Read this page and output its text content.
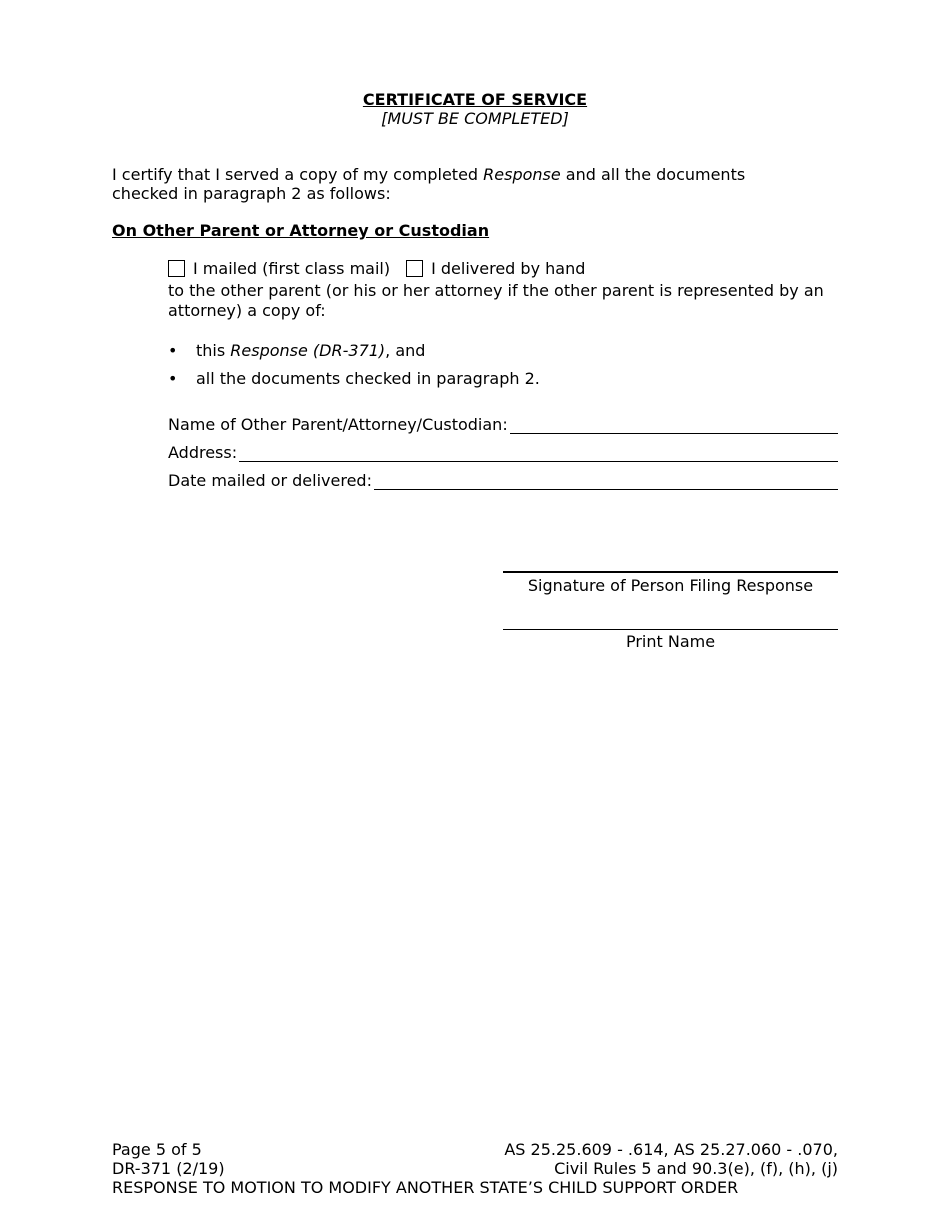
CERTIFICATE OF SERVICE
[MUST BE COMPLETED]
I certify that I served a copy of my completed Response and all the documents checked in paragraph 2 as follows:
On Other Parent or Attorney or Custodian
I mailed (first class mail)	I delivered by hand
to the other parent (or his or her attorney if the other parent is represented by an attorney) a copy of:
•	this Response (DR-371), and
•	all the documents checked in paragraph 2.
Name of Other Parent/Attorney/Custodian:
Address:
Date mailed or delivered:
Signature of Person Filing Response
Print Name
Page 5 of 5
DR-371 (2/19)
RESPONSE TO MOTION TO MODIFY ANOTHER STATE’S CHILD SUPPORT ORDER
AS 25.25.609 - .614, AS 25.27.060 - .070,
Civil Rules 5 and 90.3(e), (f), (h), (j)
